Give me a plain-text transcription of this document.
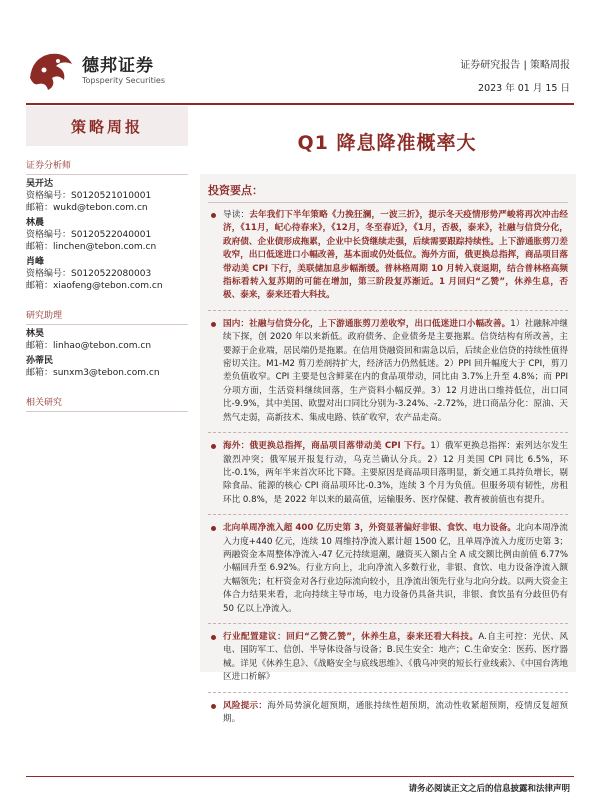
德邦证券
Topsperity Securities
证券研究报告 | 策略周报
2023 年 01 月 15 日
策略周报
证券分析师
吴开达
资格编号：S0120521010001
邮箱：wukd@tebon.com.cn
林晨
资格编号：S0120522040001
邮箱：linchen@tebon.com.cn
肖峰
资格编号：S0120522080003
邮箱：xiaofeng@tebon.com.cn
研究助理
林昊
邮箱：linhao@tebon.com.cn
孙蒂民
邮箱：sunxm3@tebon.com.cn
相关研究
Q1 降息降准概率大
投资要点：
导读：去年我们下半年策略《力挽狂澜，一波三折》，提示冬天疫情形势严峻将再次冲击经济，《11月，屺心待春来》，《12月，冬至春近》，《1月，否极，泰来》，社融与信贷分化，政府债、企业债形成拖累，企业中长贷继续走强，后续需要跟踪持续性。上下游通胀剪刀差收窄，出口低迷进口小幅改善，基本面或仍处低位。海外方面，俄更换总指挥，商品项目落带动美 CPI 下行，美联储加息步幅渐缓。普林格周期 10 月转入衰退期，结合普林格高频指标看转入复苏期的可能在增加，第三阶段复苏渐近。1 月回归“乙赞”，休养生息，否极、泰来，泰来还看大科技。
国内：社融与信贷分化，上下游通胀剪刀差收窄，出口低迷进口小幅改善。1）社融脉冲继续下探，创 2020 年以来新低。政府债务、企业债务是主要拖累。信贷结构有所改善，主要源于企业端，居民端仍是拖累。在信用贷融资回和需急以后，后续企业信贷的持续性值得密切关注。M1-M2 剪刀差剖持扩大，经济活力仍然低迷。2）PPI 回升幅度大于 CPI，剪刀差负值收窄。CPI 主要是包含鲜菜在内的食品项带动，同比由 3.7%上升至 4.8%；而 PPI 分项方面，生活资料继续回落，生产资料小幅反弹。3）12 月进出口维持低位，出口同比-9.9%，其中美国、欧盟对出口同比分别为-3.24%、-2.72%，进口商品分化：原油、天然气走弱，高新技术、集成电路、铁矿收窄，农产品走高。
海外：俄更换总指挥，商品项目落带动美 CPI 下行。1）俄军更换总指挥：索列达尔发生激烈冲突；俄军展开报复行动，乌克兰确认分兵。2）12 月美国 CPI 同比 6.5%，环比-0.1%，两年半来首次环比下降。主要原因是商品项目落明显，新交通工具持负增长，剔除食品、能源的核心 CPI 商品项环比-0.3%，连续 3 个月为负值。但服务项有韧性，房租环比 0.8%，是 2022 年以来的最高值，运输服务、医疗保健、教育被前值也有提升。
北向单周净流入超 400 亿历史第 3，外资显著偏好非银、食饮、电力设备。北向本周净流入力度+440 亿元，连续 10 周维持净流入累计超 1500 亿，且单周净流入力度历史第 3；两融资金本周整体净流入-47 亿元持续退潮，融资买入额占全 A 成交额比例由前值 6.77%小幅回升至 6.92%。行业方向上，北向净流入多数行业，非银、食饮、电力设备净流入额大幅领先；杠杆资金对各行业边际流向较小，且净流出领先行业与北向分歧。以两大资金主体合力结果来看，北向持续主导市场，电力设备仍具备共识，非银、食饮虽有分歧但仍有 50 亿以上净流入。
行业配置建议：回归“乙赞乙赞”，休养生息，泰来还看大科技。A.自主可控：光伏、风电、国防军工、信创、半导体设备与设备；B.民生安全：地产；C.生命安全：医药、医疗器械。详见《休养生息》、《战略安全与底线思维》、《俄乌冲突的短长行业线索》、《中国台湾地区进口析解》
风险提示：海外局势演化超预期，通胀持续性超预期，流动性收紧超预期，疫情反复超预期。
请务必阅读正文之后的信息披露和法律声明
